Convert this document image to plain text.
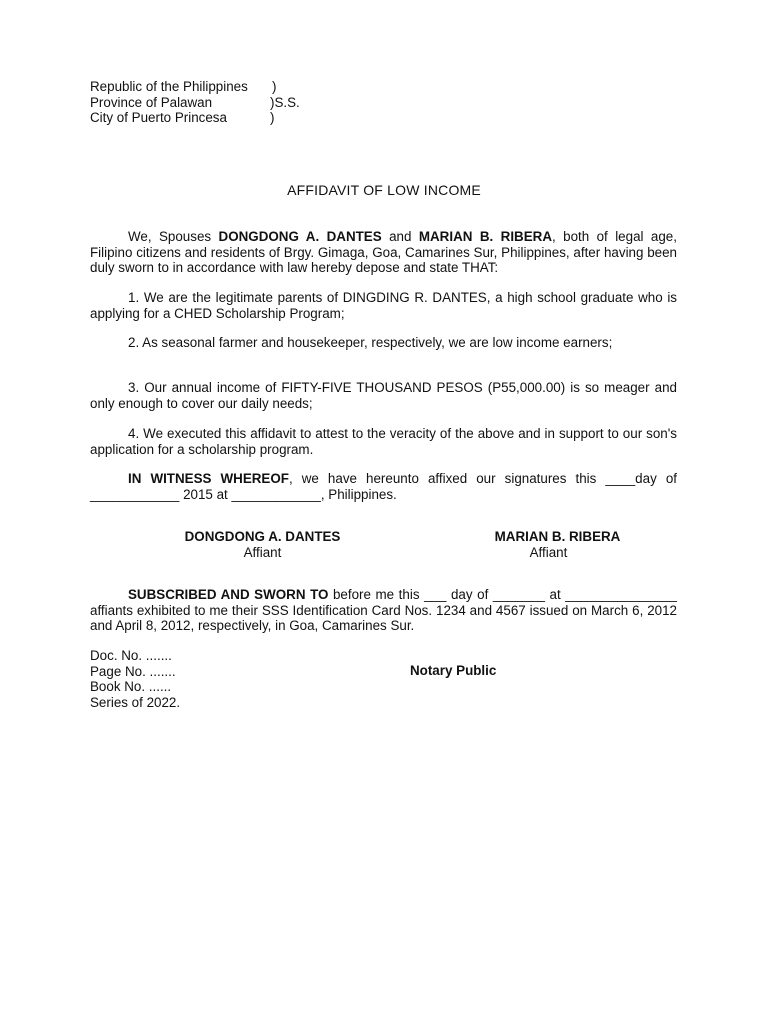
Republic of the Philippines	)
Province of Palawan	)S.S.
City of Puerto Princesa	)
AFFIDAVIT OF LOW INCOME

We, Spouses DONGDONG A. DANTES and MARIAN B. RIBERA, both of legal age, Filipino citizens and residents of Brgy. Gimaga, Goa, Camarines Sur, Philippines, after having been duly sworn to in accordance with law hereby depose and state THAT:

1. We are the legitimate parents of DINGDING R. DANTES, a high school graduate who is applying for a CHED Scholarship Program;

2. As seasonal farmer and housekeeper, respectively, we are low income earners;

3. Our annual income of FIFTY-FIVE THOUSAND PESOS (P55,000.00) is so meager and only enough to cover our daily needs;

4. We executed this affidavit to attest to the veracity of the above and in support to our son's application for a scholarship program.

IN WITNESS WHEREOF, we have hereunto affixed our signatures this ____day of ____________ 2015 at ____________, Philippines.

DONGDONG A. DANTES
Affiant
MARIAN B. RIBERA
Affiant

SUBSCRIBED AND SWORN TO before me this ___ day of _______ at _______________ affiants exhibited to me their SSS Identification Card Nos. 1234 and 4567 issued on March 6, 2012 and April 8, 2012, respectively, in Goa, Camarines Sur.

Doc. No. .......
Page No. .......
Book No. ......
Series of 2022.
Notary Public
